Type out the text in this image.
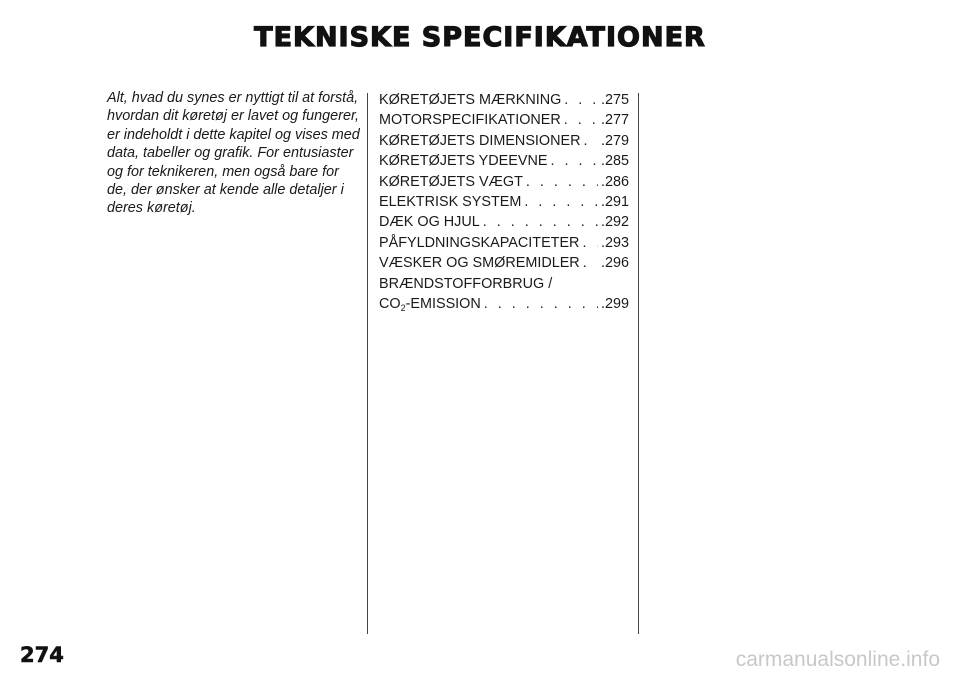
TEKNISKE SPECIFIKATIONER
Alt, hvad du synes er nyttigt til at forstå,
hvordan dit køretøj er lavet og fungerer,
er indeholdt i dette kapitel og vises med
data, tabeller og grafik. For entusiaster
og for teknikeren, men også bare for
de, der ønsker at kende alle detaljer i
deres køretøj.
KØRETØJETS MÆRKNING . . .	.275
MOTORSPECIFIKATIONER . . .	.277
KØRETØJETS DIMENSIONER . . . .279
KØRETØJETS YDEEVNE . . .	.285
KØRETØJETS VÆGT . . .	.286
ELEKTRISK SYSTEM . . .	.291
DÆK OG HJUL . . .	.292
PÅFYLDNINGSKAPACITETER . . . .293
VÆSKER OG SMØREMIDLER . . . .296
BRÆNDSTOFFORBRUG /
$CO_2$-EMISSION . . .	.299
274	carmanualsonline.info
